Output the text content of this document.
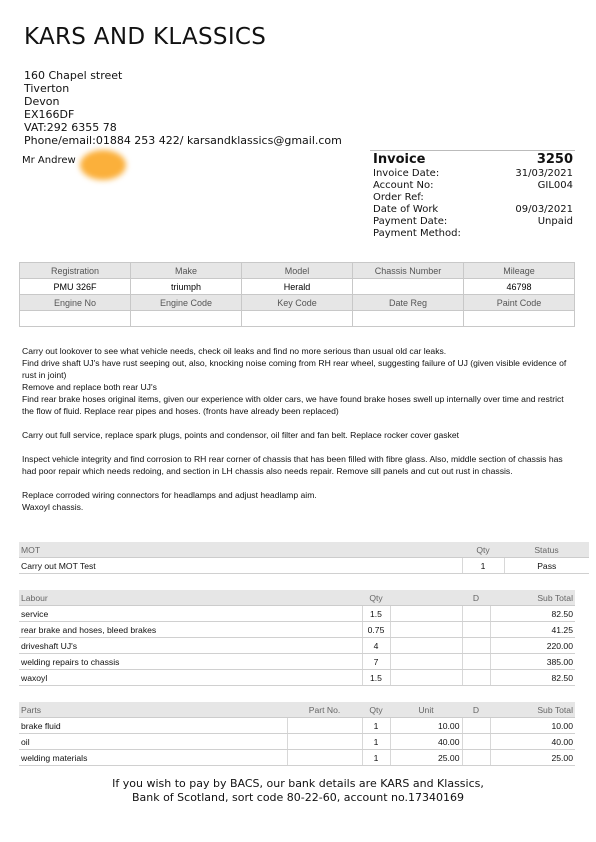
KARS AND KLASSICS
160 Chapel street
Tiverton
Devon
EX166DF
VAT:292 6355 78
Phone/email:01884 253 422/ karsandklassics@gmail.com
Mr Andrew	Invoice	3250
Invoice Date:	31/03/2021
Account No:	GIL004
Order Ref:
Date of Work	09/03/2021
Payment Date:	Unpaid
Payment Method:
Registration	Make	Model	Chassis Number	Mileage
PMU 326F	triumph	Herald		46798
Engine No	Engine Code	Key Code	Date Reg	Paint Code

Carry out lookover to see what vehicle needs, check oil leaks and find no more serious than usual old car leaks.

Find drive shaft UJ's have rust seeping out, also, knocking noise coming from RH rear wheel, suggesting failure of UJ (given visible evidence of rust in joint)

Remove and replace both rear UJ's

Find rear brake hoses original items, given our experience with older cars, we have found brake hoses swell up internally over time and restrict the flow of fluid. Replace rear pipes and hoses. (fronts have already been replaced)

Carry out full service, replace spark plugs, points and condensor, oil filter and fan belt. Replace rocker cover gasket

Inspect vehicle integrity and find corrosion to RH rear corner of chassis that has been filled with fibre glass. Also, middle section of chassis has had poor repair which needs redoing, and section in LH chassis also needs repair. Remove sill panels and cut out rust in chassis.

Replace corroded wiring connectors for headlamps and adjust headlamp aim.

Waxoyl chassis.

MOT	Qty	Status
Carry out MOT Test	1	Pass
Labour	Qty		D	Sub Total
service	1.5			82.50
rear brake and hoses, bleed brakes	0.75			41.25
driveshaft UJ's	4			220.00
welding repairs to chassis	7			385.00
waxoyl	1.5			82.50
Parts	Part No.	Qty	Unit	D	Sub Total
brake fluid		1	10.00		10.00
oil		1	40.00		40.00
welding materials		1	25.00		25.00
If you wish to pay by BACS, our bank details are KARS and Klassics,
Bank of Scotland, sort code 80-22-60, account no.17340169
